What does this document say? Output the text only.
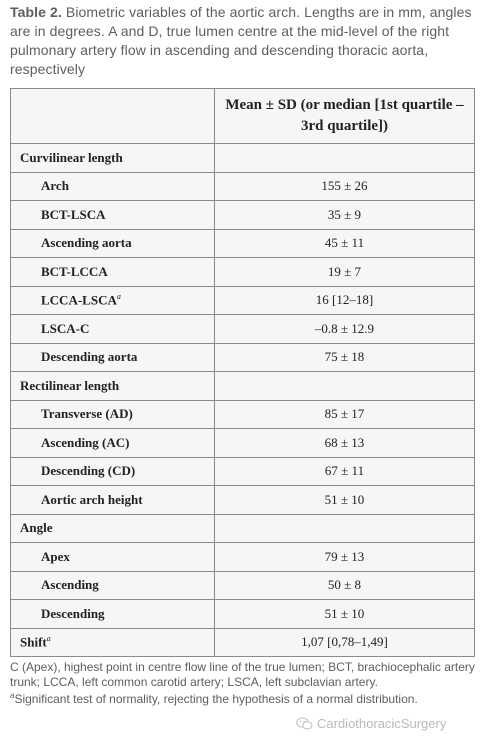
Table 2. Biometric variables of the aortic arch. Lengths are in mm, angles are in degrees. A and D, true lumen centre at the mid-level of the right pulmonary artery flow in ascending and descending thoracic aorta, respectively
	Mean ± SD (or median [1st quartile – 3rd quartile])
Curvilinear length	
Arch	155 ± 26
BCT-LSCA	35 ± 9
Ascending aorta	45 ± 11
BCT-LCCA	19 ± 7
LCCA-LSCA$^a$	16 [12–18]
LSCA-C	–0.8 ± 12.9
Descending aorta	75 ± 18
Rectilinear length	
Transverse (AD)	85 ± 17
Ascending (AC)	68 ± 13
Descending (CD)	67 ± 11
Aortic arch height	51 ± 10
Angle	
Apex	79 ± 13
Ascending	50 ± 8
Descending	51 ± 10
Shift$^a$	1,07 [0,78–1,49]
C (Apex), highest point in centre flow line of the true lumen; BCT, brachiocephalic artery trunk; LCCA, left common carotid artery; LSCA, left subclavian artery.
$^a$Significant test of normality, rejecting the hypothesis of a normal distribution.
CardiothoracicSurgery
